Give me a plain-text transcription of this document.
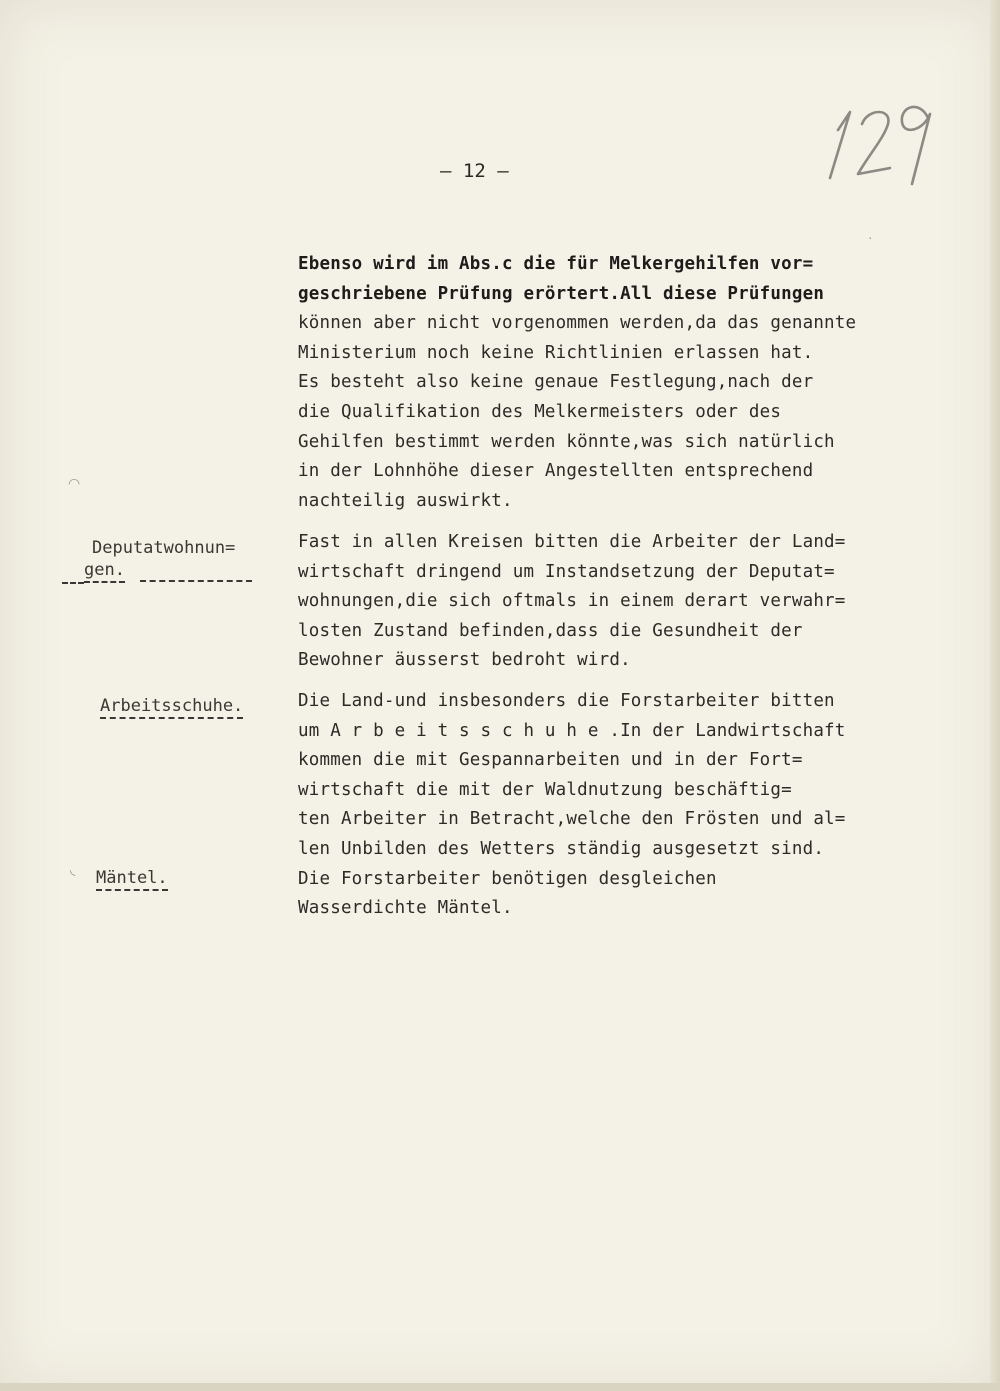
– 12 –
Ebenso wird im Abs.c die für Melkergehilfen vor=
geschriebene Prüfung erörtert.All diese Prüfungen
können aber nicht vorgenommen werden,da das genannte
Ministerium noch keine Richtlinien erlassen hat.
Es besteht also keine genaue Festlegung,nach der
die Qualifikation des Melkermeisters oder des
Gehilfen bestimmt werden könnte,was sich natürlich
in der Lohnhöhe dieser Angestellten entsprechend
nachteilig auswirkt.
Deputatwohnun=
gen.
Fast in allen Kreisen bitten die Arbeiter der Land=
wirtschaft dringend um Instandsetzung der Deputat=
wohnungen,die sich oftmals in einem derart verwahr=
losten Zustand befinden,dass die Gesundheit der
Bewohner äusserst bedroht wird.
Arbeitsschuhe.	Die Land-und insbesonders die Forstarbeiter bitten
um A r b e i t s s c h u h e .In der Landwirtschaft
kommen die mit Gespannarbeiten und in der Fort=
wirtschaft die mit der Waldnutzung beschäftig=
ten Arbeiter in Betracht,welche den Frösten und al=
len Unbilden des Wetters ständig ausgesetzt sind.
Die Forstarbeiter benötigen desgleichen
Wasserdichte Mäntel.
Mäntel.
◠
◟
·
